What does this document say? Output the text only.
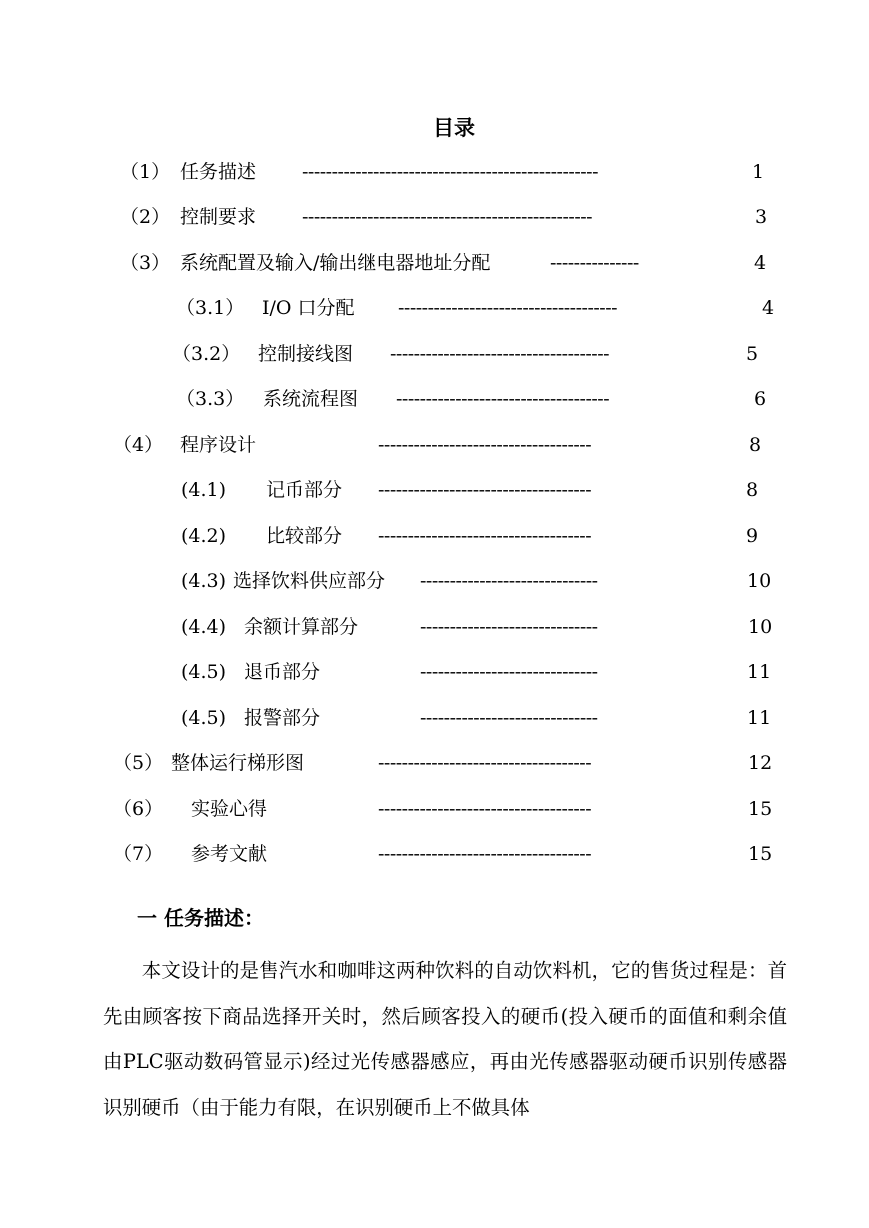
目录
（1） 任务描述 --------------------------------------------------	1
（2） 控制要求 -------------------------------------------------	3
（3） 系统配置及输入/输出继电器地址分配	---------------	4
（3.1） I/O 口分配 -------------------------------------	4
（3.2） 控制接线图 -------------------------------------	5
（3.3） 系统流程图 ------------------------------------	6
（4） 程序设计	------------------------------------	8
(4.1) 记币部分 ------------------------------------	8
(4.2) 比较部分 ------------------------------------	9
(4.3) 选择饮料供应部分 ------------------------------	10
(4.4) 余额计算部分	------------------------------	10
(4.5) 退币部分	------------------------------	11
(4.5) 报警部分	------------------------------	11
（5） 整体运行梯形图	------------------------------------	12
（6） 实验心得	------------------------------------	15
（7） 参考文献	------------------------------------	15
一 任务描述：

本文设计的是售汽水和咖啡这两种饮料的自动饮料机，它的售货过程是：首先由顾客按下商品选择开关时，然后顾客投入的硬币(投入硬币的面值和剩余值由PLC驱动数码管显示)经过光传感器感应，再由光传感器驱动硬币识别传感器识别硬币（由于能力有限，在识别硬币上不做具体
